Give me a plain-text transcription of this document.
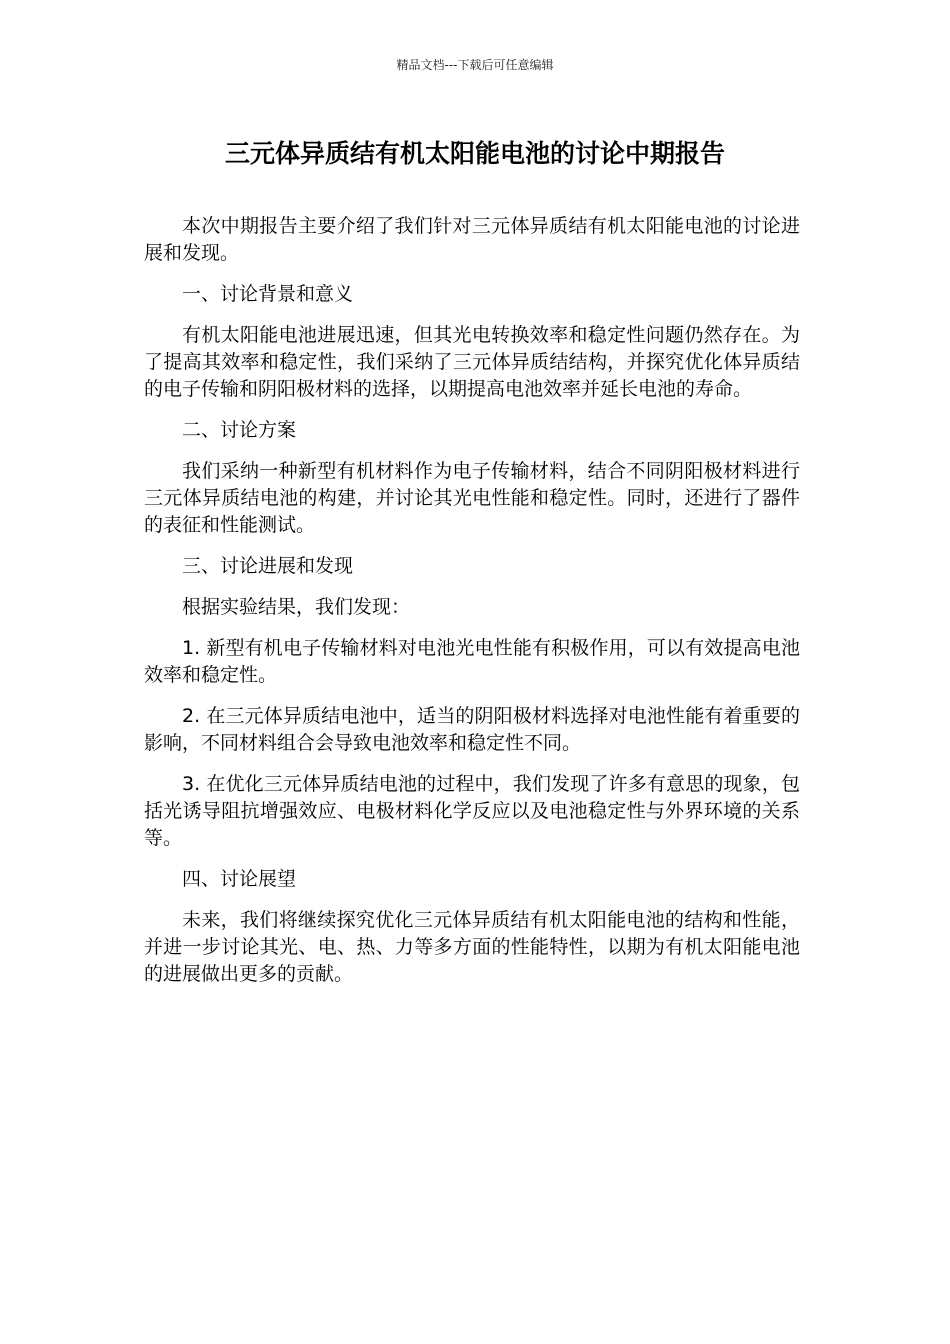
精品文档---下载后可任意编辑
三元体异质结有机太阳能电池的讨论中期报告

本次中期报告主要介绍了我们针对三元体异质结有机太阳能电池的讨论进展和发现。

一、讨论背景和意义

有机太阳能电池进展迅速，但其光电转换效率和稳定性问题仍然存在。为了提高其效率和稳定性，我们采纳了三元体异质结结构，并探究优化体异质结的电子传输和阴阳极材料的选择，以期提高电池效率并延长电池的寿命。

二、讨论方案

我们采纳一种新型有机材料作为电子传输材料，结合不同阴阳极材料进行三元体异质结电池的构建，并讨论其光电性能和稳定性。同时，还进行了器件的表征和性能测试。

三、讨论进展和发现

根据实验结果，我们发现：

1. 新型有机电子传输材料对电池光电性能有积极作用，可以有效提高电池效率和稳定性。

2. 在三元体异质结电池中，适当的阴阳极材料选择对电池性能有着重要的影响，不同材料组合会导致电池效率和稳定性不同。

3. 在优化三元体异质结电池的过程中，我们发现了许多有意思的现象，包括光诱导阻抗增强效应、电极材料化学反应以及电池稳定性与外界环境的关系等。

四、讨论展望

未来，我们将继续探究优化三元体异质结有机太阳能电池的结构和性能，并进一步讨论其光、电、热、力等多方面的性能特性，以期为有机太阳能电池的进展做出更多的贡献。
